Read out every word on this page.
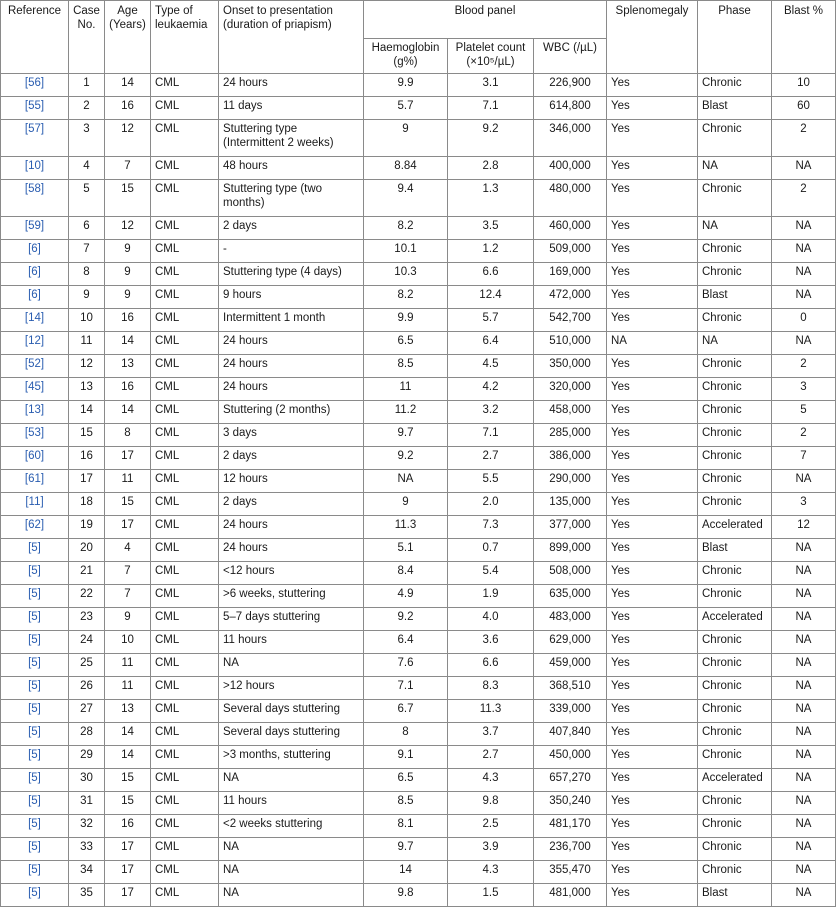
Reference	Case No.	Age (Years)	Type of leukaemia	Onset to presentation (duration of priapism)	Blood panel			Splenomegaly	Phase	Blast %
					Haemoglobin (g%)	Platelet count (×10⁵/µL)	WBC (/µL)			
[56]	1	14	CML	24 hours	9.9	3.1	226,900	Yes	Chronic	10
[55]	2	16	CML	11 days	5.7	7.1	614,800	Yes	Blast	60
[57]	3	12	CML	Stuttering type (Intermittent 2 weeks)	9	9.2	346,000	Yes	Chronic	2
[10]	4	7	CML	48 hours	8.84	2.8	400,000	Yes	NA	NA
[58]	5	15	CML	Stuttering type (two months)	9.4	1.3	480,000	Yes	Chronic	2
[59]	6	12	CML	2 days	8.2	3.5	460,000	Yes	NA	NA
[6]	7	9	CML	-	10.1	1.2	509,000	Yes	Chronic	NA
[6]	8	9	CML	Stuttering type (4 days)	10.3	6.6	169,000	Yes	Chronic	NA
[6]	9	9	CML	9 hours	8.2	12.4	472,000	Yes	Blast	NA
[14]	10	16	CML	Intermittent 1 month	9.9	5.7	542,700	Yes	Chronic	0
[12]	11	14	CML	24 hours	6.5	6.4	510,000	NA	NA	NA
[52]	12	13	CML	24 hours	8.5	4.5	350,000	Yes	Chronic	2
[45]	13	16	CML	24 hours	11	4.2	320,000	Yes	Chronic	3
[13]	14	14	CML	Stuttering (2 months)	11.2	3.2	458,000	Yes	Chronic	5
[53]	15	8	CML	3 days	9.7	7.1	285,000	Yes	Chronic	2
[60]	16	17	CML	2 days	9.2	2.7	386,000	Yes	Chronic	7
[61]	17	11	CML	12 hours	NA	5.5	290,000	Yes	Chronic	NA
[11]	18	15	CML	2 days	9	2.0	135,000	Yes	Chronic	3
[62]	19	17	CML	24 hours	11.3	7.3	377,000	Yes	Accelerated	12
[5]	20	4	CML	24 hours	5.1	0.7	899,000	Yes	Blast	NA
[5]	21	7	CML	<12 hours	8.4	5.4	508,000	Yes	Chronic	NA
[5]	22	7	CML	>6 weeks, stuttering	4.9	1.9	635,000	Yes	Chronic	NA
[5]	23	9	CML	5–7 days stuttering	9.2	4.0	483,000	Yes	Accelerated	NA
[5]	24	10	CML	11 hours	6.4	3.6	629,000	Yes	Chronic	NA
[5]	25	11	CML	NA	7.6	6.6	459,000	Yes	Chronic	NA
[5]	26	11	CML	>12 hours	7.1	8.3	368,510	Yes	Chronic	NA
[5]	27	13	CML	Several days stuttering	6.7	11.3	339,000	Yes	Chronic	NA
[5]	28	14	CML	Several days stuttering	8	3.7	407,840	Yes	Chronic	NA
[5]	29	14	CML	>3 months, stuttering	9.1	2.7	450,000	Yes	Chronic	NA
[5]	30	15	CML	NA	6.5	4.3	657,270	Yes	Accelerated	NA
[5]	31	15	CML	11 hours	8.5	9.8	350,240	Yes	Chronic	NA
[5]	32	16	CML	<2 weeks stuttering	8.1	2.5	481,170	Yes	Chronic	NA
[5]	33	17	CML	NA	9.7	3.9	236,700	Yes	Chronic	NA
[5]	34	17	CML	NA	14	4.3	355,470	Yes	Chronic	NA
[5]	35	17	CML	NA	9.8	1.5	481,000	Yes	Blast	NA
